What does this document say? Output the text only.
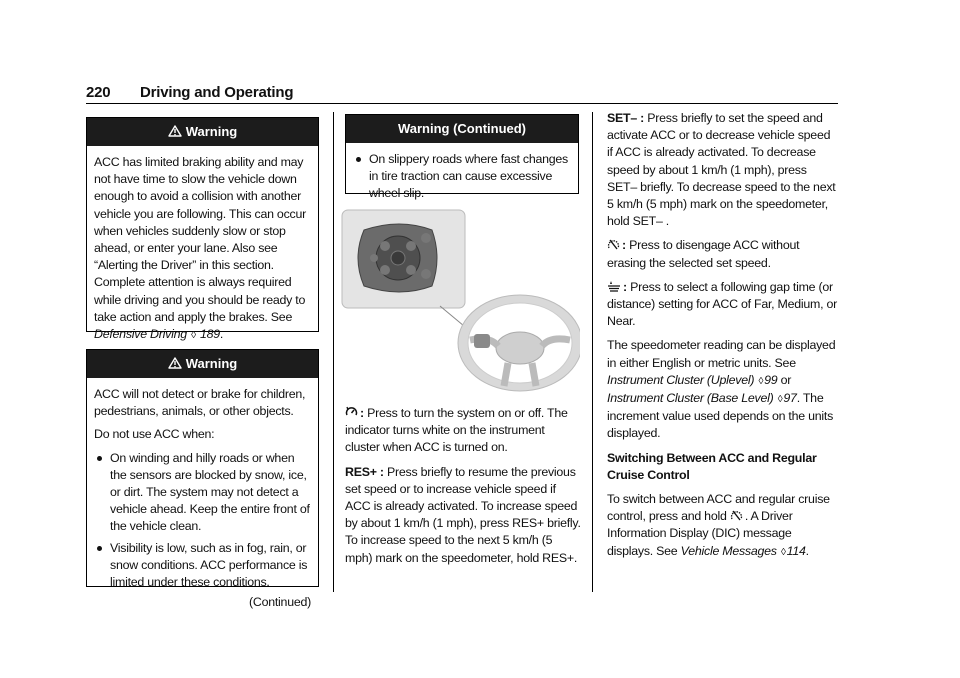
220 Driving and Operating
Warning

ACC has limited braking ability and may not have time to slow the vehicle down enough to avoid a collision with another vehicle you are following. This can occur when vehicles suddenly slow or stop ahead, or enter your lane. Also see “Alerting the Driver” in this section. Complete attention is always required while driving and you should be ready to take action and apply the brakes. See Defensive Driving ◊ 189.

Warning

ACC will not detect or brake for children, pedestrians, animals, or other objects.

Do not use ACC when:

On winding and hilly roads or when the sensors are blocked by snow, ice, or dirt. The system may not detect a vehicle ahead. Keep the entire front of the vehicle clean.
Visibility is low, such as in fog, rain, or snow conditions. ACC performance is limited under these conditions.
(Continued)
Warning (Continued)
On slippery roads where fast changes in tire traction can cause excessive wheel slip.

: Press to turn the system on or off. The indicator turns white on the instrument cluster when ACC is turned on.

RES+ : Press briefly to resume the previous set speed or to increase vehicle speed if ACC is already activated. To increase speed by about 1 km/h (1 mph), press RES+ briefly. To increase speed to the next 5 km/h (5 mph) mark on the speedometer, hold RES+.

SET– : Press briefly to set the speed and activate ACC or to decrease vehicle speed if ACC is already activated. To decrease speed by about 1 km/h (1 mph), press SET– briefly. To decrease speed to the next 5 km/h (5 mph) mark on the speedometer, hold SET– .

: Press to disengage ACC without erasing the selected set speed.

: Press to select a following gap time (or distance) setting for ACC of Far, Medium, or Near.

The speedometer reading can be displayed in either English or metric units. See Instrument Cluster (Uplevel) ◊99 or Instrument Cluster (Base Level) ◊97. The increment value used depends on the units displayed.

Switching Between ACC and Regular Cruise Control

To switch between ACC and regular cruise control, press and hold . A Driver Information Display (DIC) message displays. See Vehicle Messages ◊114.
